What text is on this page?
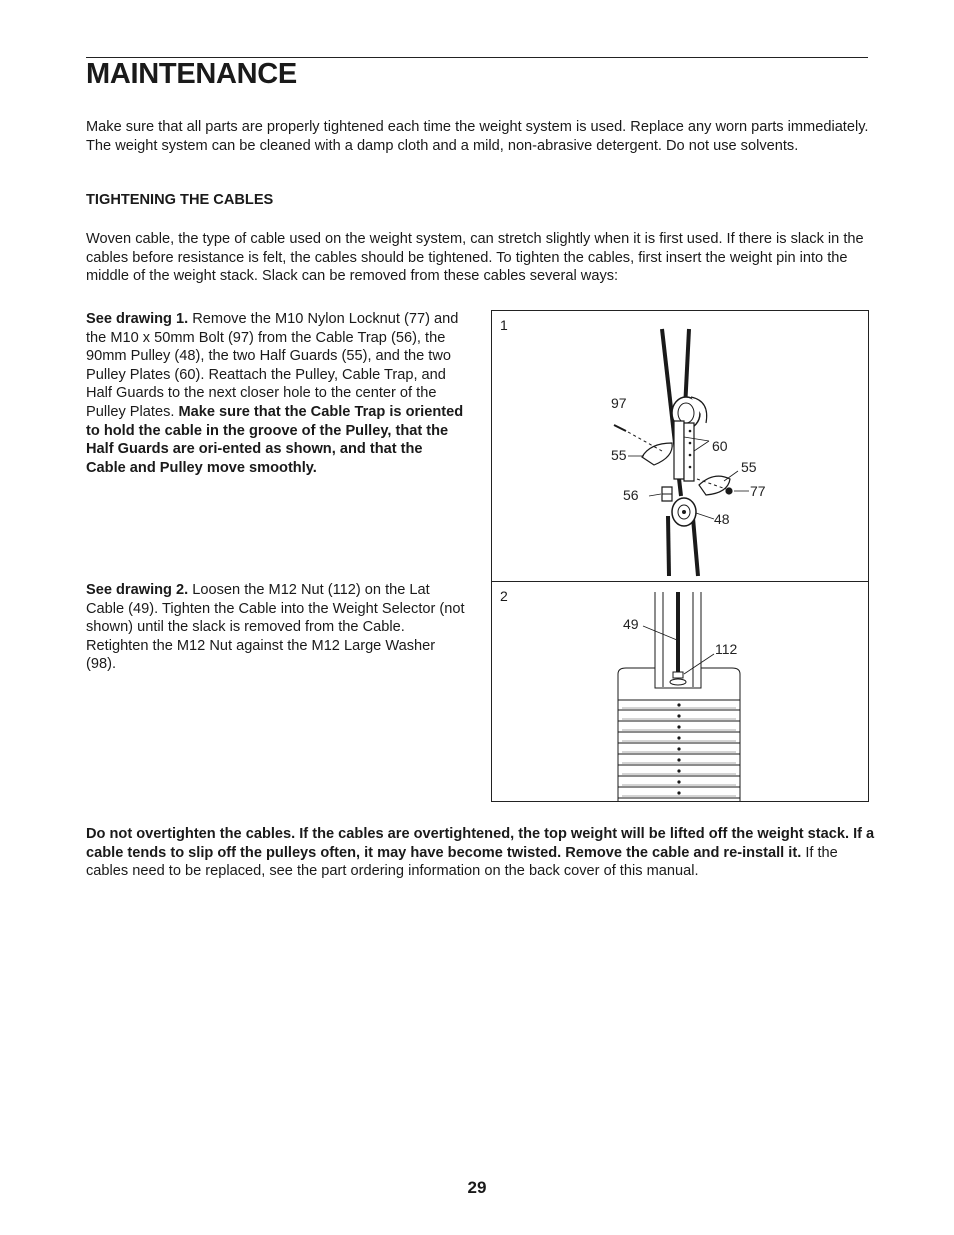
MAINTENANCE

Make sure that all parts are properly tightened each time the weight system is used. Replace any worn parts immediately. The weight system can be cleaned with a damp cloth and a mild, non-abrasive detergent. Do not use solvents.

TIGHTENING THE CABLES

Woven cable, the type of cable used on the weight system, can stretch slightly when it is first used. If there is slack in the cables before resistance is felt, the cables should be tightened. To tighten the cables, first insert the weight pin into the middle of the weight stack. Slack can be removed from these cables several ways:

See drawing 1. Remove the M10 Nylon Locknut (77) and the M10 x 50mm Bolt (97) from the Cable Trap (56), the 90mm Pulley (48), the two Half Guards (55), and the two Pulley Plates (60). Reattach the Pulley, Cable Trap, and Half Guards to the next closer hole to the center of the Pulley Plates. Make sure that the Cable Trap is oriented to hold the cable in the groove of the Pulley, that the Half Guards are ori-ented as shown, and that the Cable and Pulley move smoothly.

See drawing 2. Loosen the M12 Nut (112) on the Lat Cable (49). Tighten the Cable into the Weight Selector (not shown) until the slack is removed from the Cable. Retighten the M12 Nut against the M12 Large Washer (98).

1
97
55
60
55
56	77
48
2
49
112

Do not overtighten the cables. If the cables are overtightened, the top weight will be lifted off the weight stack. If a cable tends to slip off the pulleys often, it may have become twisted. Remove the cable and re-install it. If the cables need to be replaced, see the part ordering information on the back cover of this manual.

29
